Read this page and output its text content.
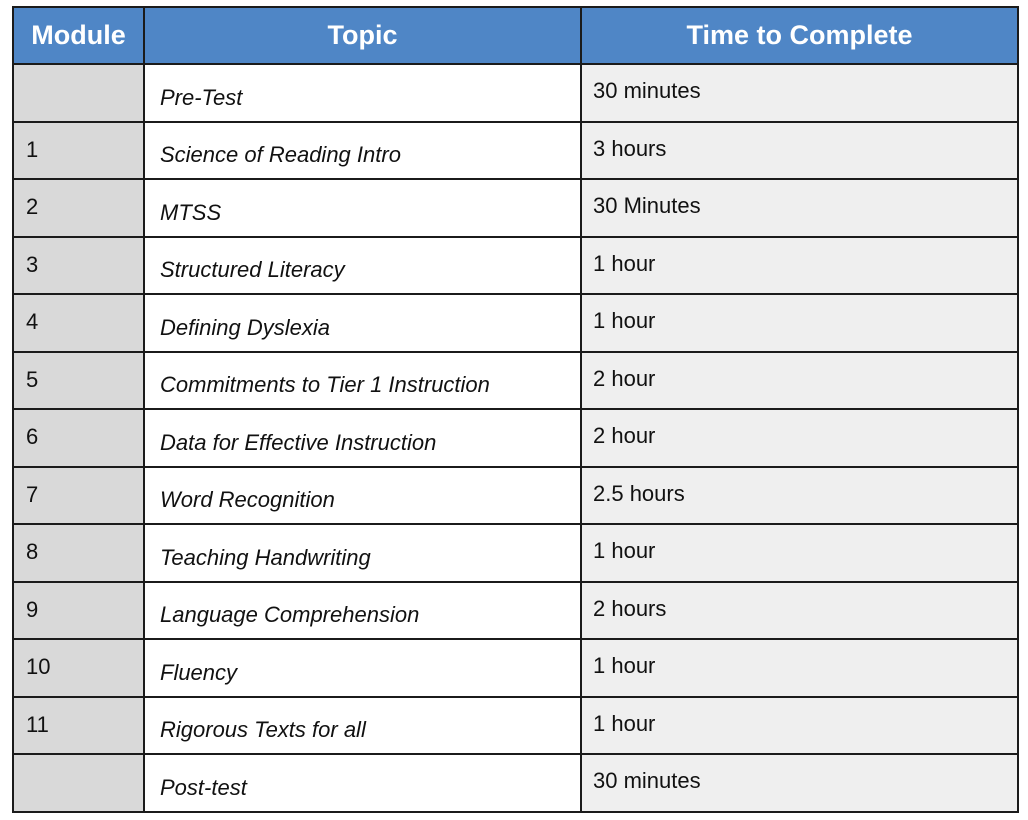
Module	Topic	Time to Complete
	Pre-Test	30 minutes
1	Science of Reading Intro	3 hours
2	MTSS	30 Minutes
3	Structured Literacy	1 hour
4	Defining Dyslexia	1 hour
5	Commitments to Tier 1 Instruction	2 hour
6	Data for Effective Instruction	2 hour
7	Word Recognition	2.5 hours
8	Teaching Handwriting	1 hour
9	Language Comprehension	2 hours
10	Fluency	1 hour
11	Rigorous Texts for all	1 hour
	Post-test	30 minutes
